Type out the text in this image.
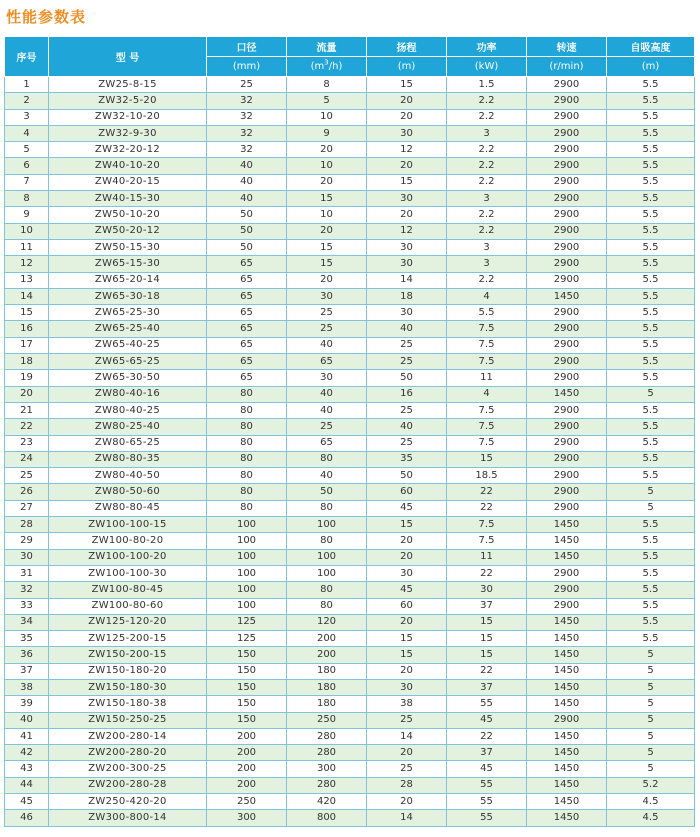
性能参数表
序号	型 号	口径	流量	扬程	功率	转速	自吸高度
		(mm)	$(m^3/h)$	(m)	(kW)	(r/min)	(m)
1	ZW25-8-15	25	8	15	1.5	2900	5.5
2	ZW32-5-20	32	5	20	2.2	2900	5.5
3	ZW32-10-20	32	10	20	2.2	2900	5.5
4	ZW32-9-30	32	9	30	3	2900	5.5
5	ZW32-20-12	32	20	12	2.2	2900	5.5
6	ZW40-10-20	40	10	20	2.2	2900	5.5
7	ZW40-20-15	40	20	15	2.2	2900	5.5
8	ZW40-15-30	40	15	30	3	2900	5.5
9	ZW50-10-20	50	10	20	2.2	2900	5.5
10	ZW50-20-12	50	20	12	2.2	2900	5.5
11	ZW50-15-30	50	15	30	3	2900	5.5
12	ZW65-15-30	65	15	30	3	2900	5.5
13	ZW65-20-14	65	20	14	2.2	2900	5.5
14	ZW65-30-18	65	30	18	4	1450	5.5
15	ZW65-25-30	65	25	30	5.5	2900	5.5
16	ZW65-25-40	65	25	40	7.5	2900	5.5
17	ZW65-40-25	65	40	25	7.5	2900	5.5
18	ZW65-65-25	65	65	25	7.5	2900	5.5
19	ZW65-30-50	65	30	50	11	2900	5.5
20	ZW80-40-16	80	40	16	4	1450	5
21	ZW80-40-25	80	40	25	7.5	2900	5.5
22	ZW80-25-40	80	25	40	7.5	2900	5.5
23	ZW80-65-25	80	65	25	7.5	2900	5.5
24	ZW80-80-35	80	80	35	15	2900	5.5
25	ZW80-40-50	80	40	50	18.5	2900	5.5
26	ZW80-50-60	80	50	60	22	2900	5
27	ZW80-80-45	80	80	45	22	2900	5
28	ZW100-100-15	100	100	15	7.5	1450	5.5
29	ZW100-80-20	100	80	20	7.5	1450	5.5
30	ZW100-100-20	100	100	20	11	1450	5.5
31	ZW100-100-30	100	100	30	22	2900	5.5
32	ZW100-80-45	100	80	45	30	2900	5.5
33	ZW100-80-60	100	80	60	37	2900	5.5
34	ZW125-120-20	125	120	20	15	1450	5.5
35	ZW125-200-15	125	200	15	15	1450	5.5
36	ZW150-200-15	150	200	15	15	1450	5
37	ZW150-180-20	150	180	20	22	1450	5
38	ZW150-180-30	150	180	30	37	1450	5
39	ZW150-180-38	150	180	38	55	1450	5
40	ZW150-250-25	150	250	25	45	2900	5
41	ZW200-280-14	200	280	14	22	1450	5
42	ZW200-280-20	200	280	20	37	1450	5
43	ZW200-300-25	200	300	25	45	1450	5
44	ZW200-280-28	200	280	28	55	1450	5.2
45	ZW250-420-20	250	420	20	55	1450	4.5
46	ZW300-800-14	300	800	14	55	1450	4.5
